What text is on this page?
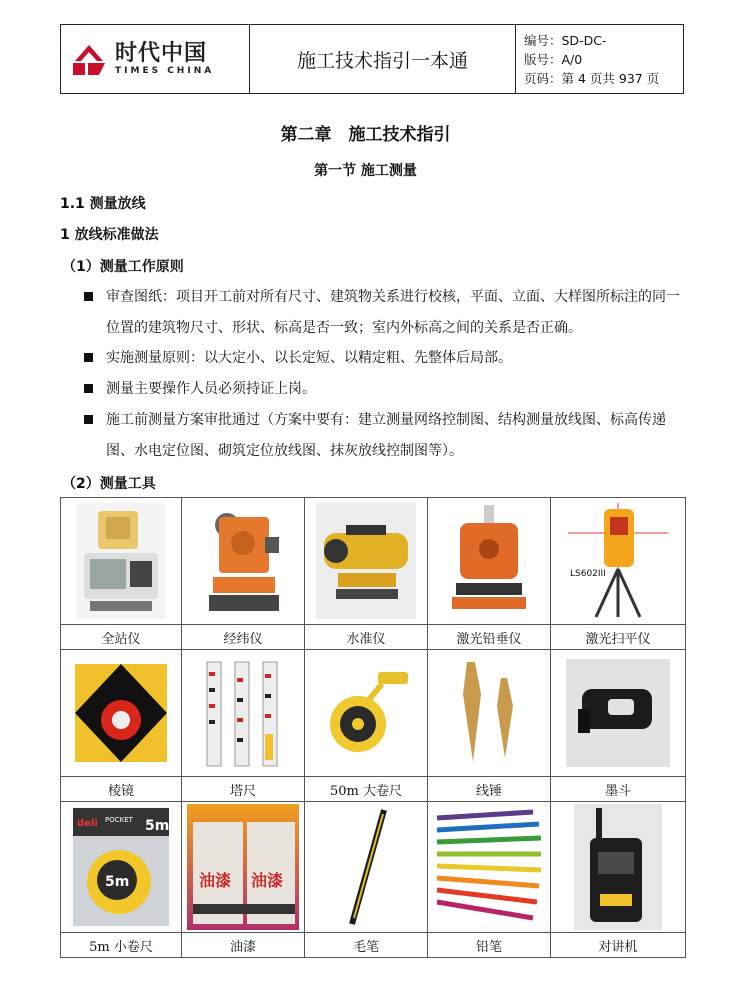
时代中国
TIMES CHINA	施工技术指引一本通
编号：SD-DC-
版号：A/0
页码：第 4 页共 937 页
第二章　施工技术指引
第一节 施工测量
1.1 测量放线
1 放线标准做法
（1）测量工作原则
审查图纸：项目开工前对所有尺寸、建筑物关系进行校核，平面、立面、大样图所标注的同一位置的建筑物尺寸、形状、标高是否一致；室内外标高之间的关系是否正确。
实施测量原则：以大定小、以长定短、以精定粗、先整体后局部。
测量主要操作人员必须持证上岗。
施工前测量方案审批通过（方案中要有：建立测量网络控制图、结构测量放线图、标高传递图、水电定位图、砌筑定位放线图、抹灰放线控制图等）。
（2）测量工具

LS602III

全站仪	经纬仪	水准仪	激光铅垂仪	激光扫平仪

棱镜	塔尺	50m 大卷尺	线锤	墨斗

deli POCKET 5m
5m	油漆 油漆

5m 小卷尺	油漆	毛笔	铅笔	对讲机
